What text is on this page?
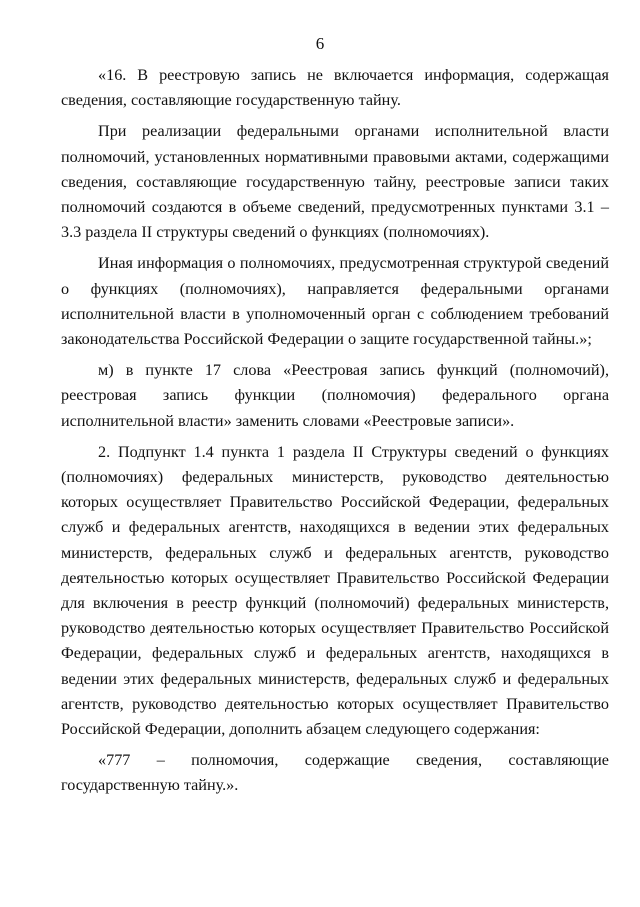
6

«16. В реестровую запись не включается информация, содержащая сведения, составляющие государственную тайну.

При реализации федеральными органами исполнительной власти полномочий, установленных нормативными правовыми актами, содержащими сведения, составляющие государственную тайну, реестровые записи таких полномочий создаются в объеме сведений, предусмотренных пунктами 3.1 – 3.3 раздела II структуры сведений о функциях (полномочиях).

Иная информация о полномочиях, предусмотренная структурой сведений о функциях (полномочиях), направляется федеральными органами исполнительной власти в уполномоченный орган с соблюдением требований законодательства Российской Федерации о защите государственной тайны.»;

м) в пункте 17 слова «Реестровая запись функций (полномочий), реестровая запись функции (полномочия) федерального органа исполнительной власти» заменить словами «Реестровые записи».

2. Подпункт 1.4 пункта 1 раздела II Структуры сведений о функциях (полномочиях) федеральных министерств, руководство деятельностью которых осуществляет Правительство Российской Федерации, федеральных служб и федеральных агентств, находящихся в ведении этих федеральных министерств, федеральных служб и федеральных агентств, руководство деятельностью которых осуществляет Правительство Российской Федерации для включения в реестр функций (полномочий) федеральных министерств, руководство деятельностью которых осуществляет Правительство Российской Федерации, федеральных служб и федеральных агентств, находящихся в ведении этих федеральных министерств, федеральных служб и федеральных агентств, руководство деятельностью которых осуществляет Правительство Российской Федерации, дополнить абзацем следующего содержания:

«777 – полномочия, содержащие сведения, составляющие государственную тайну.».
